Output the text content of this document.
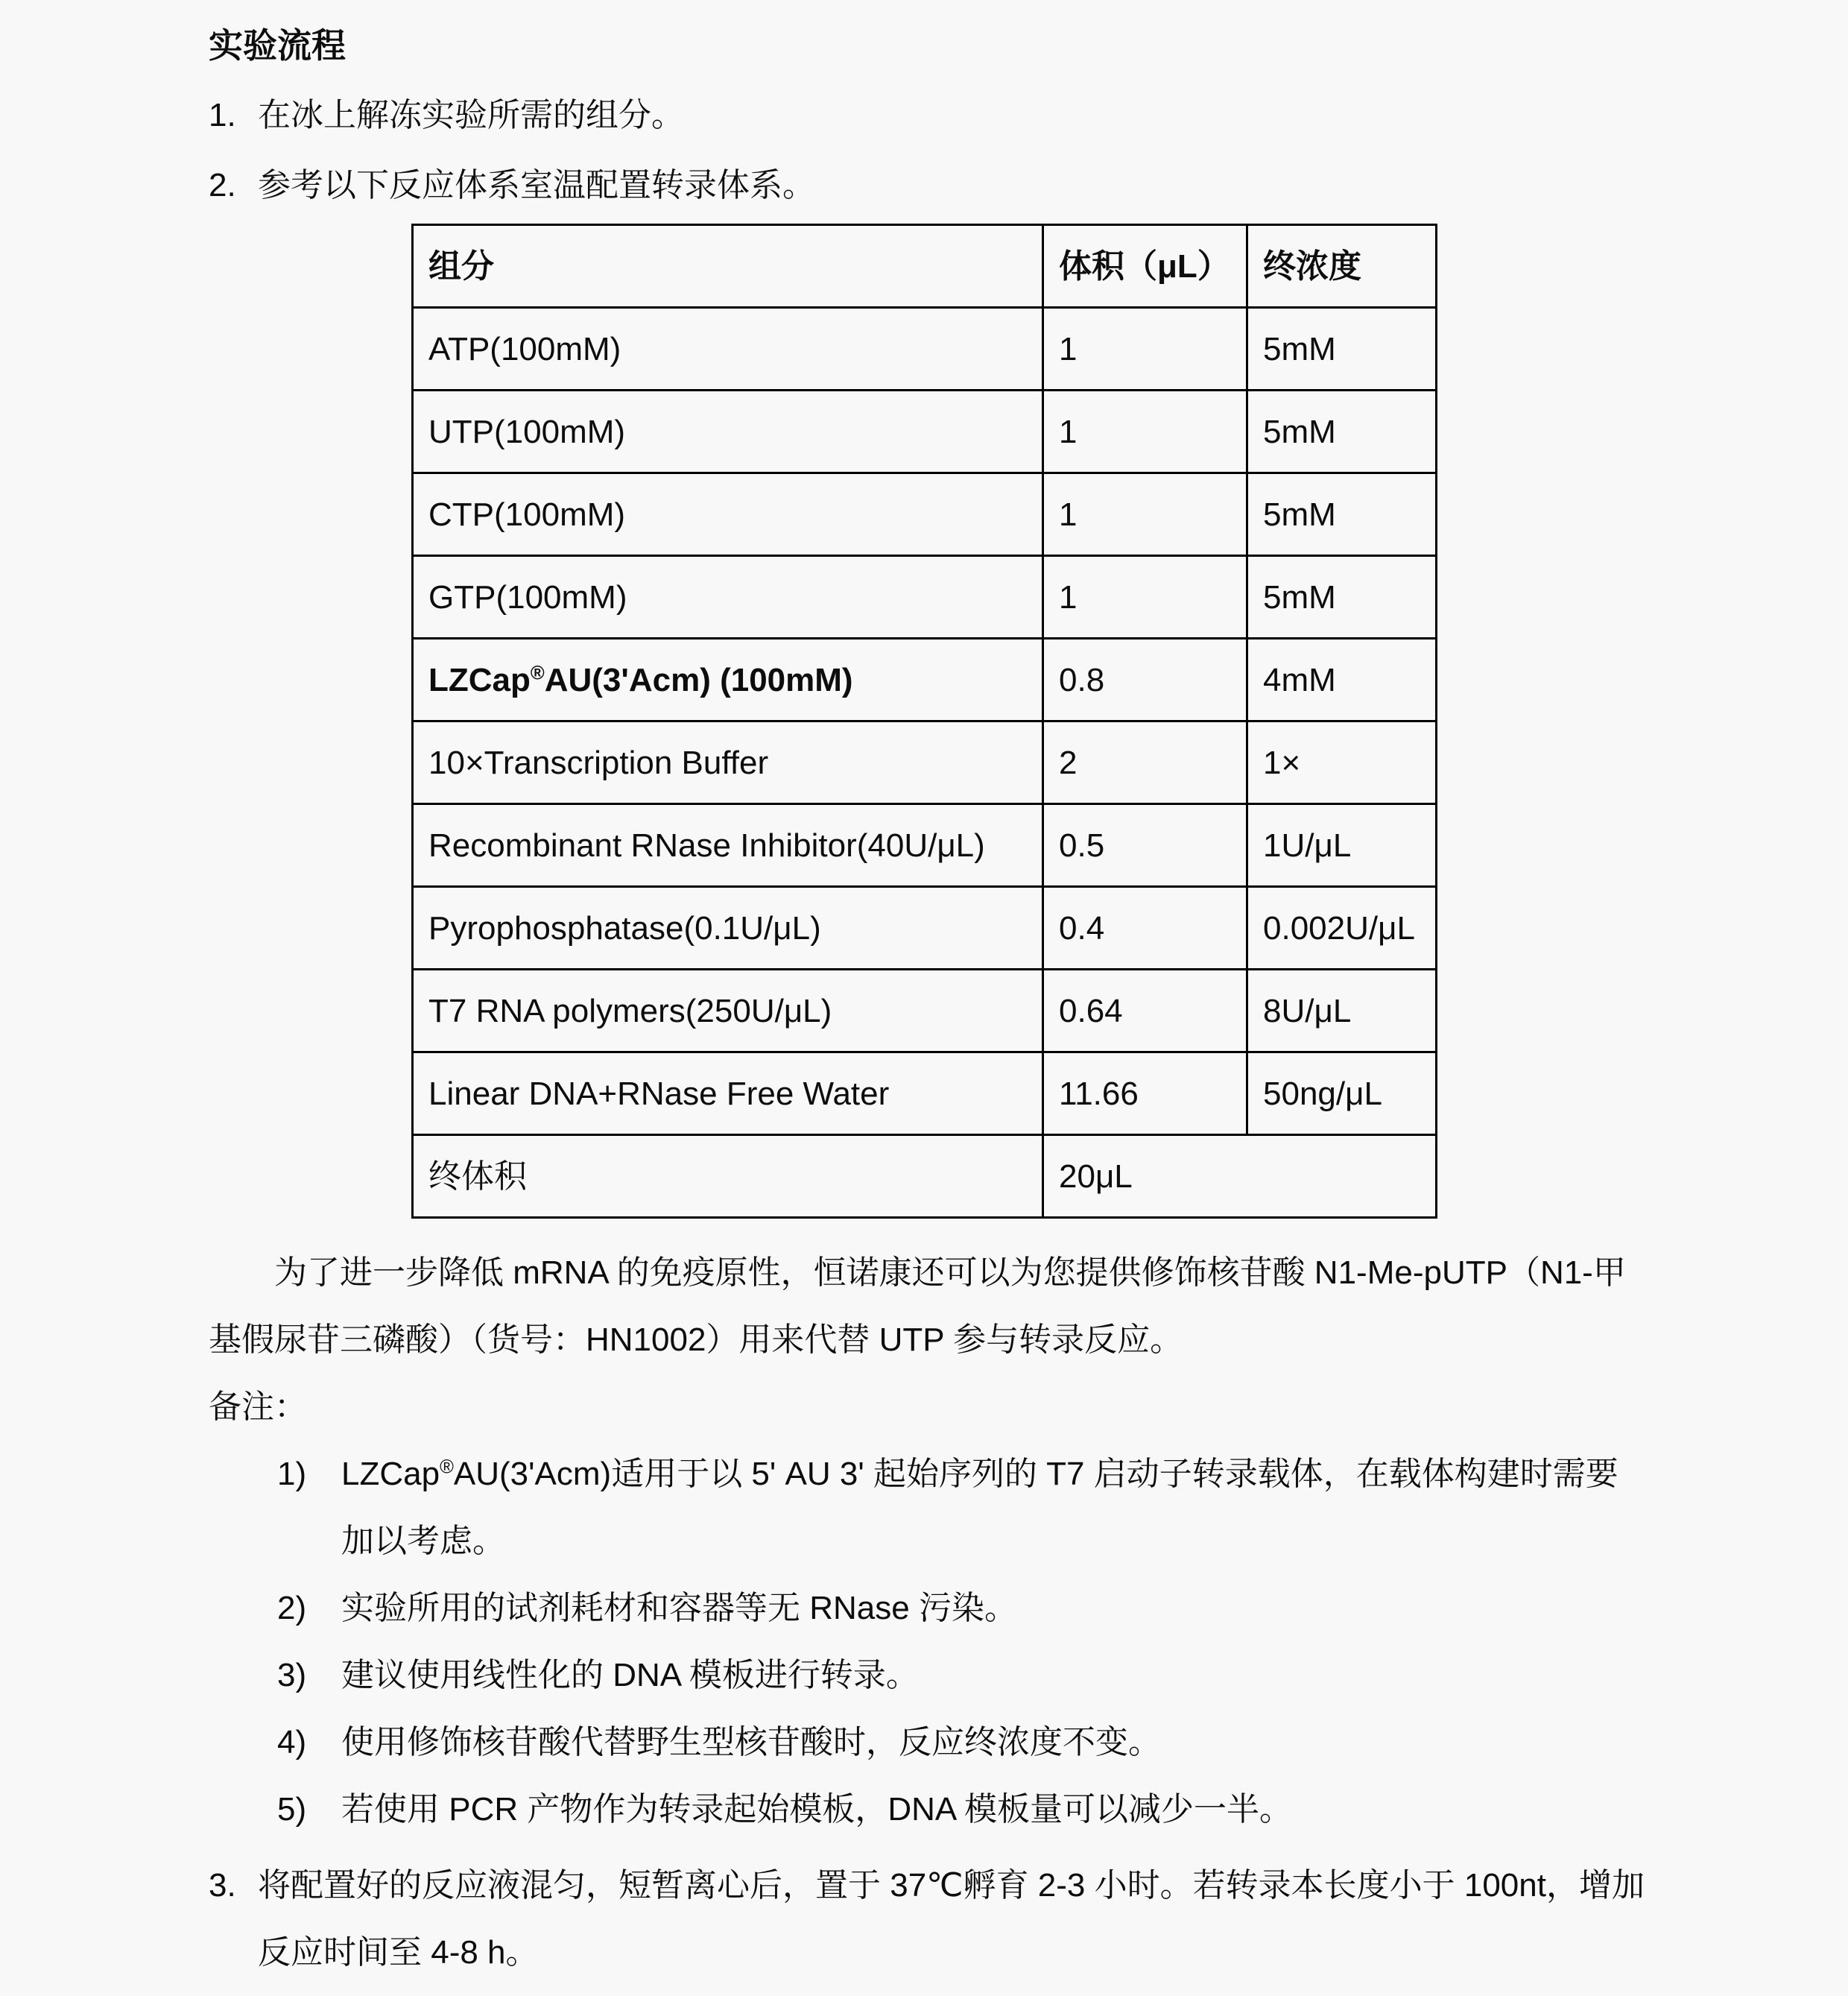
实验流程
1. 在冰上解冻实验所需的组分。
2. 参考以下反应体系室温配置转录体系。
组分	体积（μL）	终浓度
ATP(100mM)	1	5mM
UTP(100mM)	1	5mM
CTP(100mM)	1	5mM
GTP(100mM)	1	5mM
LZCap®AU(3'Acm) (100mM)	0.8	4mM
10×Transcription Buffer	2	1×
Recombinant RNase Inhibitor(40U/μL)	0.5	1U/μL
Pyrophosphatase(0.1U/μL)	0.4	0.002U/μL
T7 RNA polymers(250U/μL)	0.64	8U/μL
Linear DNA+RNase Free Water	11.66	50ng/μL
终体积	20μL	

为了进一步降低 mRNA 的免疫原性，恒诺康还可以为您提供修饰核苷酸 N1-Me-pUTP（N1-甲基假尿苷三磷酸）（货号：HN1002）用来代替 UTP 参与转录反应。

备注：
1)	LZCap®AU(3'Acm)适用于以 5' AU 3' 起始序列的 T7 启动子转录载体，在载体构建时需要加以考虑。
2)	实验所用的试剂耗材和容器等无 RNase 污染。
3)	建议使用线性化的 DNA 模板进行转录。
4)	使用修饰核苷酸代替野生型核苷酸时，反应终浓度不变。
5)	若使用 PCR 产物作为转录起始模板，DNA 模板量可以减少一半。
3. 将配置好的反应液混匀，短暂离心后，置于 37℃孵育 2-3 小时。若转录本长度小于 100nt，增加反应时间至 4-8 h。
